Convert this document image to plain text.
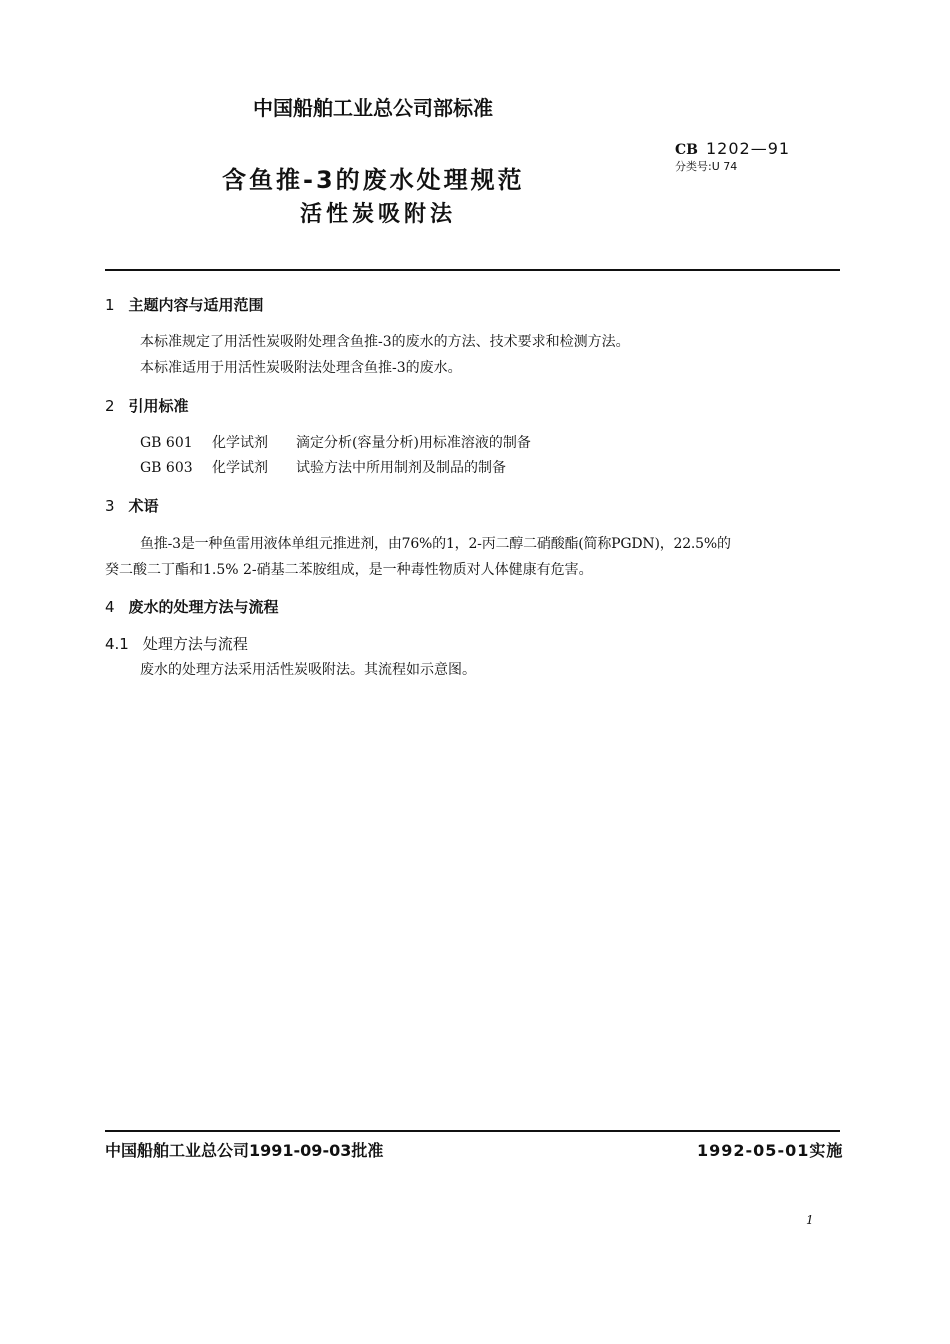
中国船舶工业总公司部标准
CB 1202—91
分类号:U 74
含鱼推-3的废水处理规范
活性炭吸附法
1 主题内容与适用范围
本标准规定了用活性炭吸附处理含鱼推-3的废水的方法、技术要求和检测方法。
本标准适用于用活性炭吸附法处理含鱼推-3的废水。
2 引用标准
GB 601 化学试剂 滴定分析(容量分析)用标准溶液的制备
GB 603 化学试剂 试验方法中所用制剂及制品的制备
3 术语
鱼推-3是一种鱼雷用液体单组元推进剂，由76%的1，2-丙二醇二硝酸酯(简称PGDN)，22.5%的
癸二酸二丁酯和1.5% 2-硝基二苯胺组成，是一种毒性物质对人体健康有危害。
4 废水的处理方法与流程
4.1 处理方法与流程
废水的处理方法采用活性炭吸附法。其流程如示意图。
中国船舶工业总公司1991-09-03批准	1992-05-01实施
1
